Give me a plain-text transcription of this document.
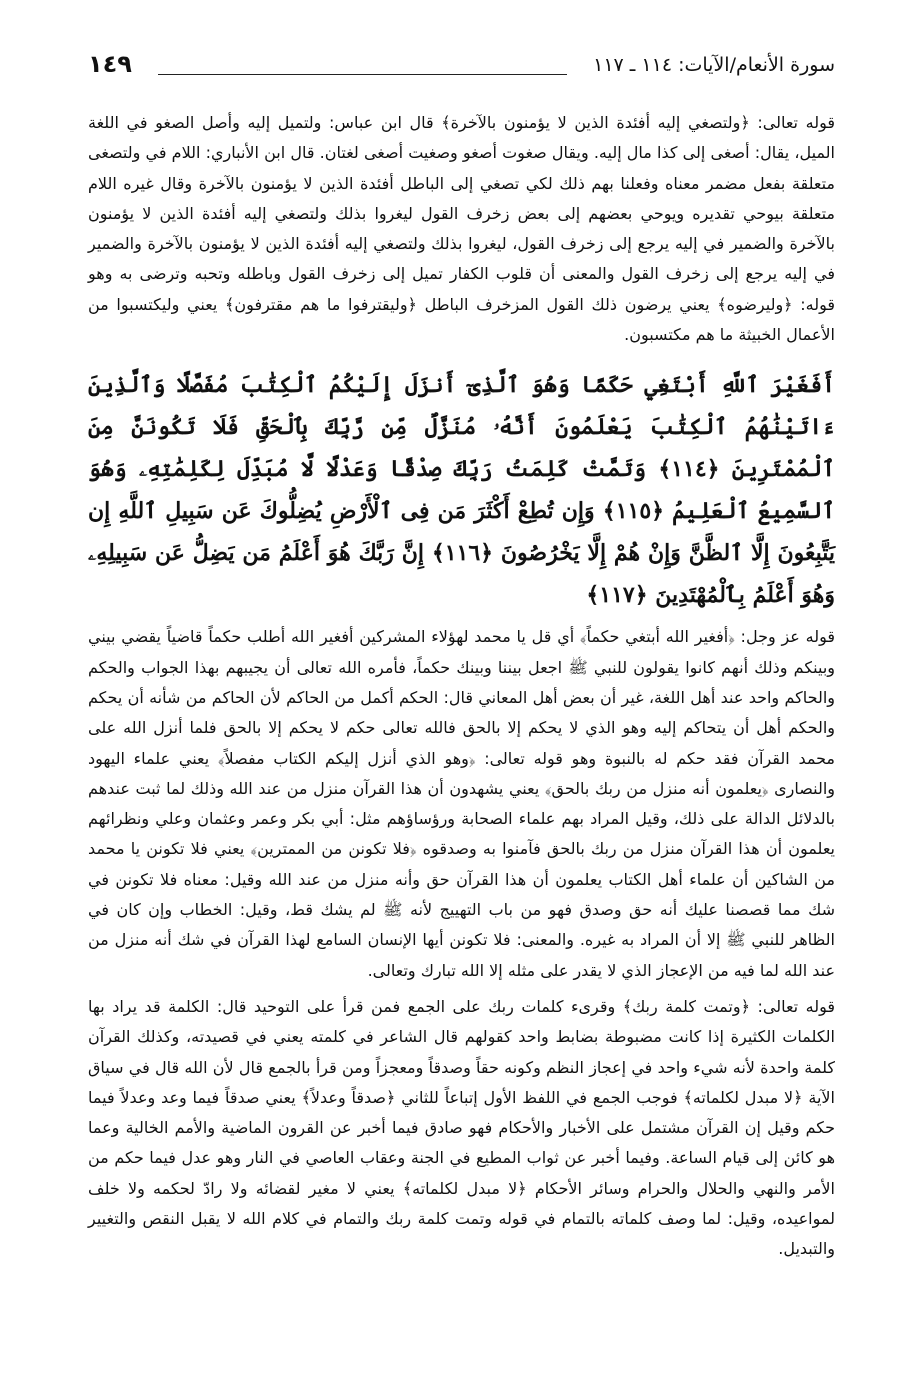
سورة الأنعام/الآيات: ١١٤ ـ ١١٧
١٤٩

قوله تعالى: ﴿ولتصغي إليه أفئدة الذين لا يؤمنون بالآخرة﴾ قال ابن عباس: ولتميل إليه وأصل الصغو في اللغة الميل، يقال: أصغى إلى كذا مال إليه. ويقال صغوت أصغو وصغيت أصغى لغتان. قال ابن الأنباري: اللام في ولتصغى متعلقة بفعل مضمر معناه وفعلنا بهم ذلك لكي تصغي إلى الباطل أفئدة الذين لا يؤمنون بالآخرة وقال غيره اللام متعلقة بيوحي تقديره ويوحي بعضهم إلى بعض زخرف القول ليغروا بذلك ولتصغي إليه أفئدة الذين لا يؤمنون بالآخرة والضمير في إليه يرجع إلى زخرف القول، ليغروا بذلك ولتصغي إليه أفئدة الذين لا يؤمنون بالآخرة والضمير في إليه يرجع إلى زخرف القول والمعنى أن قلوب الكفار تميل إلى زخرف القول وباطله وتحبه وترضى به وهو قوله: ﴿وليرضوه﴾ يعني يرضون ذلك القول المزخرف الباطل ﴿وليقترفوا ما هم مقترفون﴾ يعني وليكتسبوا من الأعمال الخبيثة ما هم مكتسبون.

أَفَغَيْرَ ٱللَّهِ أَبْتَغِي حَكَمًا وَهُوَ ٱلَّذِىٓ أَنزَلَ إِلَيْكُمُ ٱلْكِتَٰبَ مُفَصَّلًا وَٱلَّذِينَ ءَاتَيْنَٰهُمُ ٱلْكِتَٰبَ يَعْلَمُونَ أَنَّهُۥ مُنَزَّلٌ مِّن رَّبِّكَ بِٱلْحَقِّ فَلَا تَكُونَنَّ مِنَ ٱلْمُمْتَرِينَ ﴿١١٤﴾ وَتَمَّتْ كَلِمَتُ رَبِّكَ صِدْقًا وَعَدْلًا لَّا مُبَدِّلَ لِكَلِمَٰتِهِۦ وَهُوَ ٱلسَّمِيعُ ٱلْعَلِيمُ ﴿١١٥﴾ وَإِن تُطِعْ أَكْثَرَ مَن فِى ٱلْأَرْضِ يُضِلُّوكَ عَن سَبِيلِ ٱللَّهِ إِن يَتَّبِعُونَ إِلَّا ٱلظَّنَّ وَإِنْ هُمْ إِلَّا يَخْرُصُونَ ﴿١١٦﴾ إِنَّ رَبَّكَ هُوَ أَعْلَمُ مَن يَضِلُّ عَن سَبِيلِهِۦ وَهُوَ أَعْلَمُ بِٱلْمُهْتَدِينَ ﴿١١٧﴾

قوله عز وجل: ﴿أفغير الله أبتغي حكماً﴾ أي قل يا محمد لهؤلاء المشركين أفغير الله أطلب حكماً قاضياً يقضي بيني وبينكم وذلك أنهم كانوا يقولون للنبي ﷺ اجعل بيننا وبينك حكماً، فأمره الله تعالى أن يجيبهم بهذا الجواب والحكم والحاكم واحد عند أهل اللغة، غير أن بعض أهل المعاني قال: الحكم أكمل من الحاكم لأن الحاكم من شأنه أن يحكم والحكم أهل أن يتحاكم إليه وهو الذي لا يحكم إلا بالحق فالله تعالى حكم لا يحكم إلا بالحق فلما أنزل الله على محمد القرآن فقد حكم له بالنبوة وهو قوله تعالى: ﴿وهو الذي أنزل إليكم الكتاب مفصلاً﴾ يعني علماء اليهود والنصارى ﴿يعلمون أنه منزل من ربك بالحق﴾ يعني يشهدون أن هذا القرآن منزل من عند الله وذلك لما ثبت عندهم بالدلائل الدالة على ذلك، وقيل المراد بهم علماء الصحابة ورؤساؤهم مثل: أبي بكر وعمر وعثمان وعلي ونظرائهم يعلمون أن هذا القرآن منزل من ربك بالحق فآمنوا به وصدقوه ﴿فلا تكونن من الممترين﴾ يعني فلا تكونن يا محمد من الشاكين أن علماء أهل الكتاب يعلمون أن هذا القرآن حق وأنه منزل من عند الله وقيل: معناه فلا تكونن في شك مما قصصنا عليك أنه حق وصدق فهو من باب التهييج لأنه ﷺ لم يشك قط، وقيل: الخطاب وإن كان في الظاهر للنبي ﷺ إلا أن المراد به غيره. والمعنى: فلا تكونن أيها الإنسان السامع لهذا القرآن في شك أنه منزل من عند الله لما فيه من الإعجاز الذي لا يقدر على مثله إلا الله تبارك وتعالى.

قوله تعالى: ﴿وتمت كلمة ربك﴾ وقرىء كلمات ربك على الجمع فمن قرأ على التوحيد قال: الكلمة قد يراد بها الكلمات الكثيرة إذا كانت مضبوطة بضابط واحد كقولهم قال الشاعر في كلمته يعني في قصيدته، وكذلك القرآن كلمة واحدة لأنه شيء واحد في إعجاز النظم وكونه حقاً وصدقاً ومعجزاً ومن قرأ بالجمع قال لأن الله قال في سياق الآية ﴿لا مبدل لكلماته﴾ فوجب الجمع في اللفظ الأول إتباعاً للثاني ﴿صدقاً وعدلاً﴾ يعني صدقاً فيما وعد وعدلاً فيما حكم وقيل إن القرآن مشتمل على الأخبار والأحكام فهو صادق فيما أخبر عن القرون الماضية والأمم الخالية وعما هو كائن إلى قيام الساعة. وفيما أخبر عن ثواب المطيع في الجنة وعقاب العاصي في النار وهو عدل فيما حكم من الأمر والنهي والحلال والحرام وسائر الأحكام ﴿لا مبدل لكلماته﴾ يعني لا مغير لقضائه ولا رادّ لحكمه ولا خلف لمواعيده، وقيل: لما وصف كلماته بالتمام في قوله وتمت كلمة ربك والتمام في كلام الله لا يقبل النقص والتغيير والتبديل.
